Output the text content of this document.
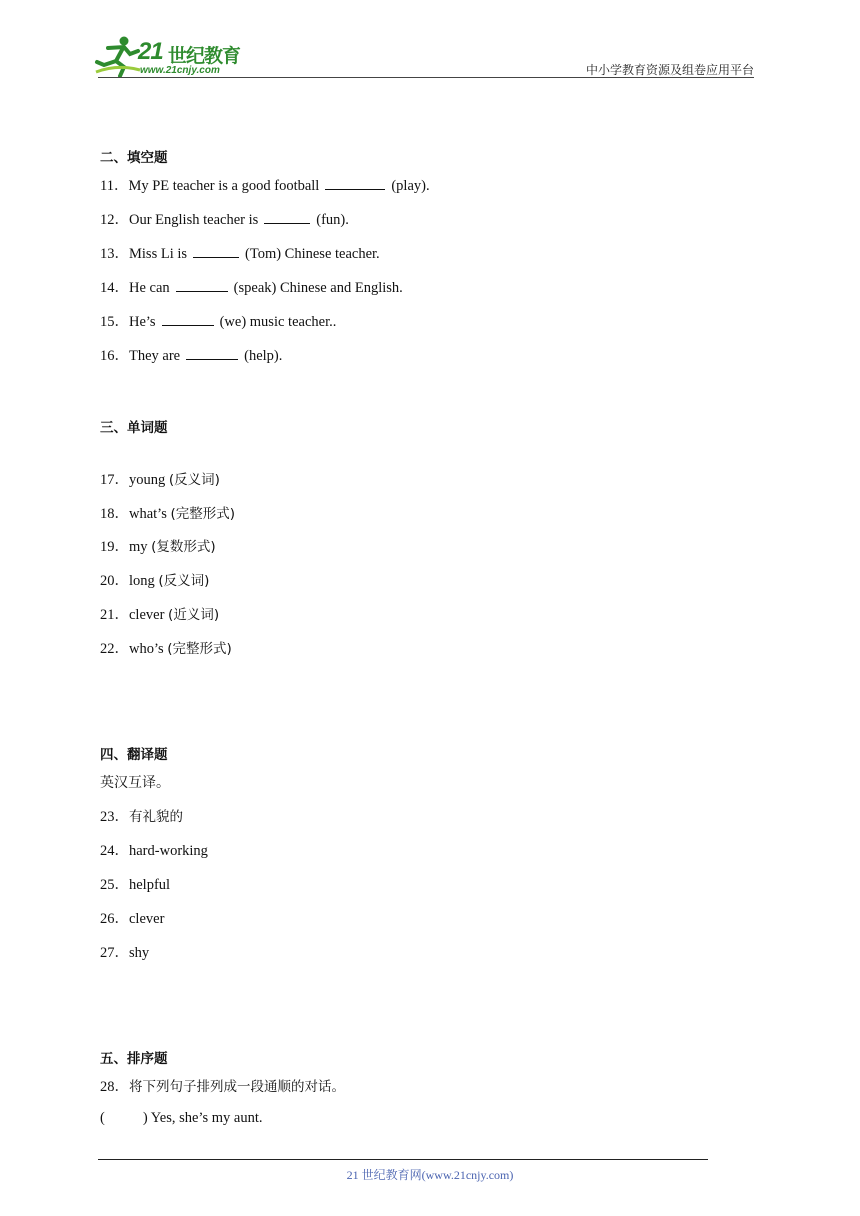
21 世纪教育
www.21cnjy.com	中小学教育资源及组卷应用平台
二、填空题
11．My PE teacher is a good football	(play).
12．Our English teacher is	(fun).
13．Miss Li is	(Tom) Chinese teacher.
14．He can	(speak) Chinese and English.
15．He’s	(we) music teacher..
16．They are	(help).
三、单词题
17．young (反义词)
18．what’s (完整形式)
19．my (复数形式)
20．long (反义词)
21．clever (近义词)
22．who’s (完整形式)
四、翻译题
英汉互译。
23．有礼貌的
24．hard-working
25．helpful
26．clever
27．shy
五、排序题
28．将下列句子排列成一段通顺的对话。
(	) Yes, she’s my aunt.
21 世纪教育网(www.21cnjy.com)
